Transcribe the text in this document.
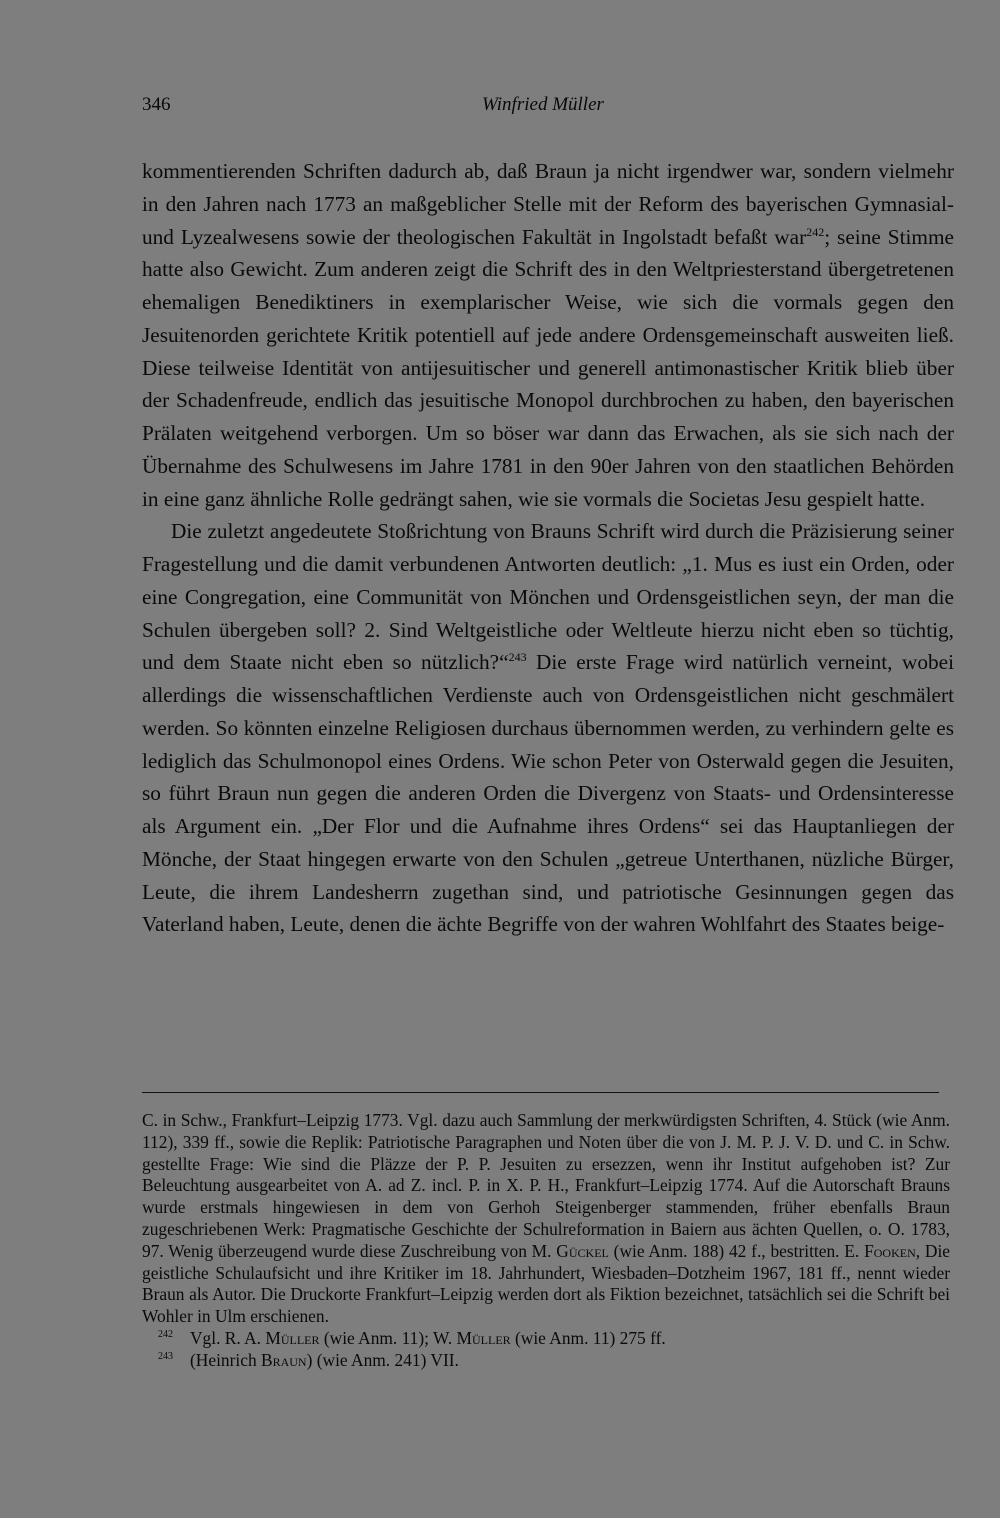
346	Winfried Müller

kommentierenden Schriften dadurch ab, daß Braun ja nicht irgendwer war, sondern vielmehr in den Jahren nach 1773 an maßgeblicher Stelle mit der Reform des bayerischen Gymnasial- und Lyzealwesens sowie der theologischen Fakultät in Ingolstadt befaßt war$^{242}$; seine Stimme hatte also Gewicht. Zum anderen zeigt die Schrift des in den Weltpriesterstand übergetretenen ehemaligen Benediktiners in exemplarischer Weise, wie sich die vormals gegen den Jesuitenorden gerichtete Kritik potentiell auf jede andere Ordensgemeinschaft ausweiten ließ. Diese teilweise Identität von antijesuitischer und generell antimonastischer Kritik blieb über der Schadenfreude, endlich das jesuitische Monopol durchbrochen zu haben, den bayerischen Prälaten weitgehend verborgen. Um so böser war dann das Erwachen, als sie sich nach der Übernahme des Schulwesens im Jahre 1781 in den 90er Jahren von den staatlichen Behörden in eine ganz ähnliche Rolle gedrängt sahen, wie sie vormals die Societas Jesu gespielt hatte.

Die zuletzt angedeutete Stoßrichtung von Brauns Schrift wird durch die Präzisierung seiner Fragestellung und die damit verbundenen Antworten deutlich: „1. Mus es iust ein Orden, oder eine Congregation, eine Communität von Mönchen und Ordensgeistlichen seyn, der man die Schulen übergeben soll? 2. Sind Weltgeistliche oder Weltleute hierzu nicht eben so tüchtig, und dem Staate nicht eben so nützlich?“$^{243}$ Die erste Frage wird natürlich verneint, wobei allerdings die wissenschaftlichen Verdienste auch von Ordensgeistlichen nicht geschmälert werden. So könnten einzelne Religiosen durchaus übernommen werden, zu verhindern gelte es lediglich das Schulmonopol eines Ordens. Wie schon Peter von Osterwald gegen die Jesuiten, so führt Braun nun gegen die anderen Orden die Divergenz von Staats- und Ordensinteresse als Argument ein. „Der Flor und die Aufnahme ihres Ordens“ sei das Hauptanliegen der Mönche, der Staat hingegen erwarte von den Schulen „getreue Unterthanen, nüzliche Bürger, Leute, die ihrem Landesherrn zugethan sind, und patriotische Gesinnungen gegen das Vaterland haben, Leute, denen die ächte Begriffe von der wahren Wohlfahrt des Staates beige-

C. in Schw., Frankfurt–Leipzig 1773. Vgl. dazu auch Sammlung der merkwürdigsten Schriften, 4. Stück (wie Anm. 112), 339 ff., sowie die Replik: Patriotische Paragraphen und Noten über die von J. M. P. J. V. D. und C. in Schw. gestellte Frage: Wie sind die Pläzze der P. P. Jesuiten zu ersezzen, wenn ihr Institut aufgehoben ist? Zur Beleuchtung ausgearbeitet von A. ad Z. incl. P. in X. P. H., Frankfurt–Leipzig 1774. Auf die Autorschaft Brauns wurde erstmals hingewiesen in dem von Gerhoh Steigenberger stammenden, früher ebenfalls Braun zugeschriebenen Werk: Pragmatische Geschichte der Schulreformation in Baiern aus ächten Quellen, o. O. 1783, 97. Wenig überzeugend wurde diese Zuschreibung von M. Gückel (wie Anm. 188) 42 f., bestritten. E. Fooken, Die geistliche Schulaufsicht und ihre Kritiker im 18. Jahrhundert, Wiesbaden–Dotzheim 1967, 181 ff., nennt wieder Braun als Autor. Die Druckorte Frankfurt–Leipzig werden dort als Fiktion bezeichnet, tatsächlich sei die Schrift bei Wohler in Ulm erschienen.

242 Vgl. R. A. Müller (wie Anm. 11); W. Müller (wie Anm. 11) 275 ff.

243 (Heinrich Braun) (wie Anm. 241) VII.
